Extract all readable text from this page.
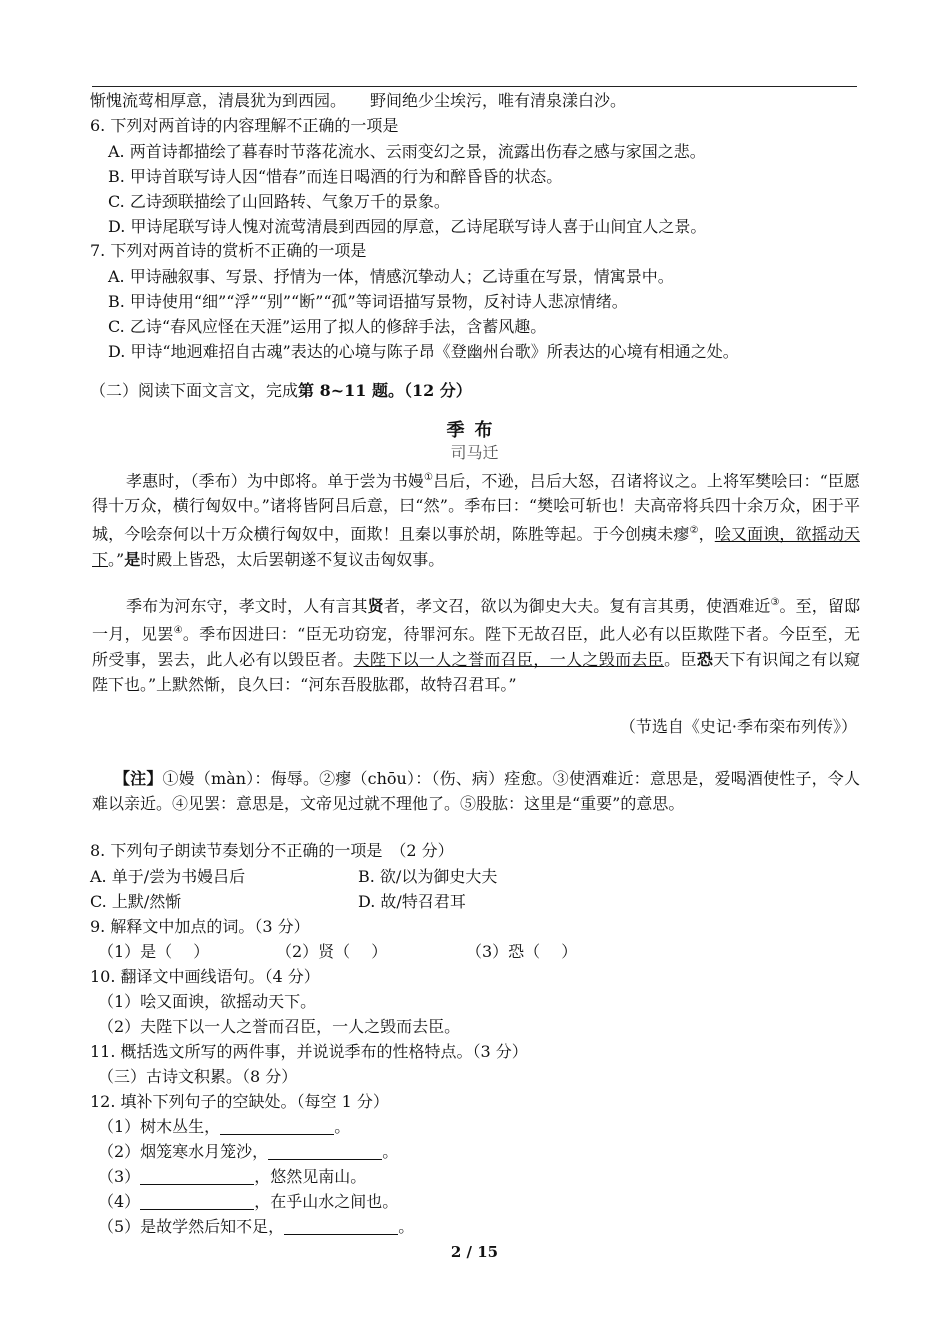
惭愧流莺相厚意，清晨犹为到西园。　　野间绝少尘埃污，唯有清泉漾白沙。
6. 下列对两首诗的内容理解不正确的一项是
A. 两首诗都描绘了暮春时节落花流水、云雨变幻之景，流露出伤春之感与家国之悲。
B. 甲诗首联写诗人因“惜春”而连日喝酒的行为和醉昏昏的状态。
C. 乙诗颈联描绘了山回路转、气象万千的景象。
D. 甲诗尾联写诗人愧对流莺清晨到西园的厚意，乙诗尾联写诗人喜于山间宜人之景。
7. 下列对两首诗的赏析不正确的一项是
A. 甲诗融叙事、写景、抒情为一体，情感沉挚动人；乙诗重在写景，情寓景中。
B. 甲诗使用“细”“浮”“别”“断”“孤”等词语描写景物，反衬诗人悲凉情绪。
C. 乙诗“春风应怪在天涯”运用了拟人的修辞手法，含蓄风趣。
D. 甲诗“地迥难招自古魂”表达的心境与陈子昂《登幽州台歌》所表达的心境有相通之处。
（二）阅读下面文言文，完成第 8~11 题。（12 分）
季布
司马迁
孝惠时，（季布）为中郎将。单于尝为书嫚①吕后，不逊，吕后大怒，召诸将议之。上将军樊哙曰：“臣愿得十万众，横行匈奴中。”诸将皆阿吕后意，曰“然”。季布曰：“樊哙可斩也！夫高帝将兵四十余万众，困于平城，今哙奈何以十万众横行匈奴中，面欺！且秦以事於胡，陈胜等起。于今创痍未瘳②，哙又面谀，欲摇动天下。”是时殿上皆恐，太后罢朝遂不复议击匈奴事。
季布为河东守，孝文时，人有言其贤者，孝文召，欲以为御史大夫。复有言其勇，使酒难近③。至，留邸一月，见罢④。季布因进曰：“臣无功窃宠，待罪河东。陛下无故召臣，此人必有以臣欺陛下者。今臣至，无所受事，罢去，此人必有以毁臣者。夫陛下以一人之誉而召臣，一人之毁而去臣。臣恐天下有识闻之有以窥陛下也。”上默然惭，良久曰：“河东吾股肱郡，故特召君耳。”
（节选自《史记·季布栾布列传》）
【注】①嫚（màn）：侮辱。②瘳（chōu）：（伤、病）痊愈。③使酒难近：意思是，爱喝酒使性子，令人难以亲近。④见罢：意思是，文帝见过就不理他了。⑤股肱：这里是“重要”的意思。
8. 下列句子朗读节奏划分不正确的一项是　（2 分）
A. 单于/尝为书嫚吕后	B. 欲/以为御史大夫
C. 上默/然惭	D. 故/特召君耳
9. 解释文中加点的词。（3 分）
（1）是（　 ）	（2）贤（　 ）	（3）恐（　 ）
10. 翻译文中画线语句。（4 分）
（1）哙又面谀，欲摇动天下。
（2）夫陛下以一人之誉而召臣，一人之毁而去臣。
11. 概括选文所写的两件事，并说说季布的性格特点。（3 分）
（三）古诗文积累。（8 分）
12. 填补下列句子的空缺处。（每空 1 分）
（1）树木丛生，	。
（2）烟笼寒水月笼沙，	。
（3）	，悠然见南山。
（4）	，在乎山水之间也。
（5）是故学然后知不足，	。
2 / 15
